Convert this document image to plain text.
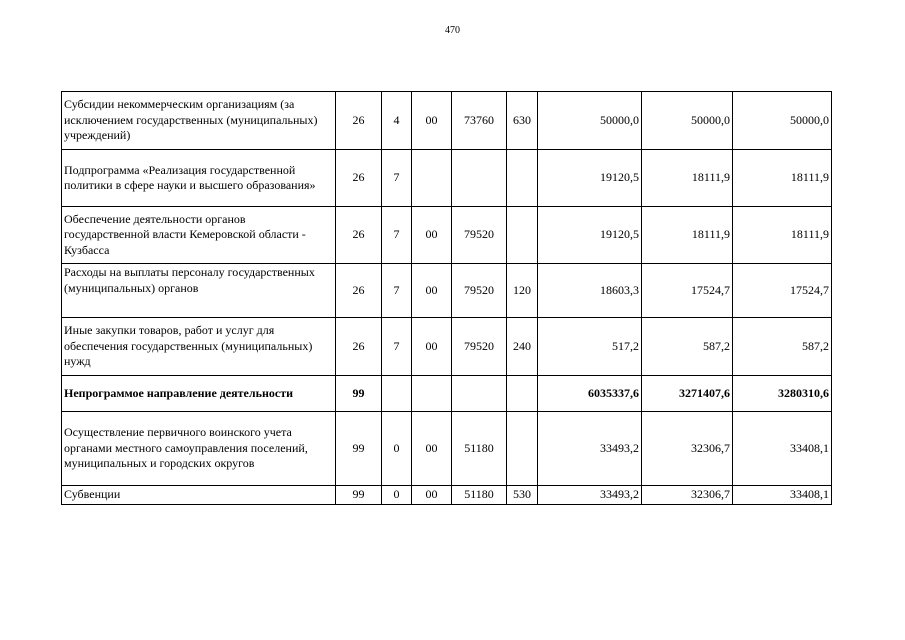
470
Субсидии некоммерческим организациям (за исключением государственных (муниципальных) учреждений)	26	4	00	73760	630	50000,0	50000,0	50000,0
Подпрограмма «Реализация государственной политики в сфере науки и высшего образования»	26	7				19120,5	18111,9	18111,9
Обеспечение деятельности органов государственной власти Кемеровской области - Кузбасса	26	7	00	79520		19120,5	18111,9	18111,9
Расходы на выплаты персоналу государственных (муниципальных) органов	26	7	00	79520	120	18603,3	17524,7	17524,7
Иные закупки товаров, работ и услуг для обеспечения государственных (муниципальных) нужд	26	7	00	79520	240	517,2	587,2	587,2
Непрограммое направление деятельности	99					6035337,6	3271407,6	3280310,6
Осуществление первичного воинского учета органами местного самоуправления поселений, муниципальных и городских округов	99	0	00	51180		33493,2	32306,7	33408,1
Субвенции	99	0	00	51180	530	33493,2	32306,7	33408,1
